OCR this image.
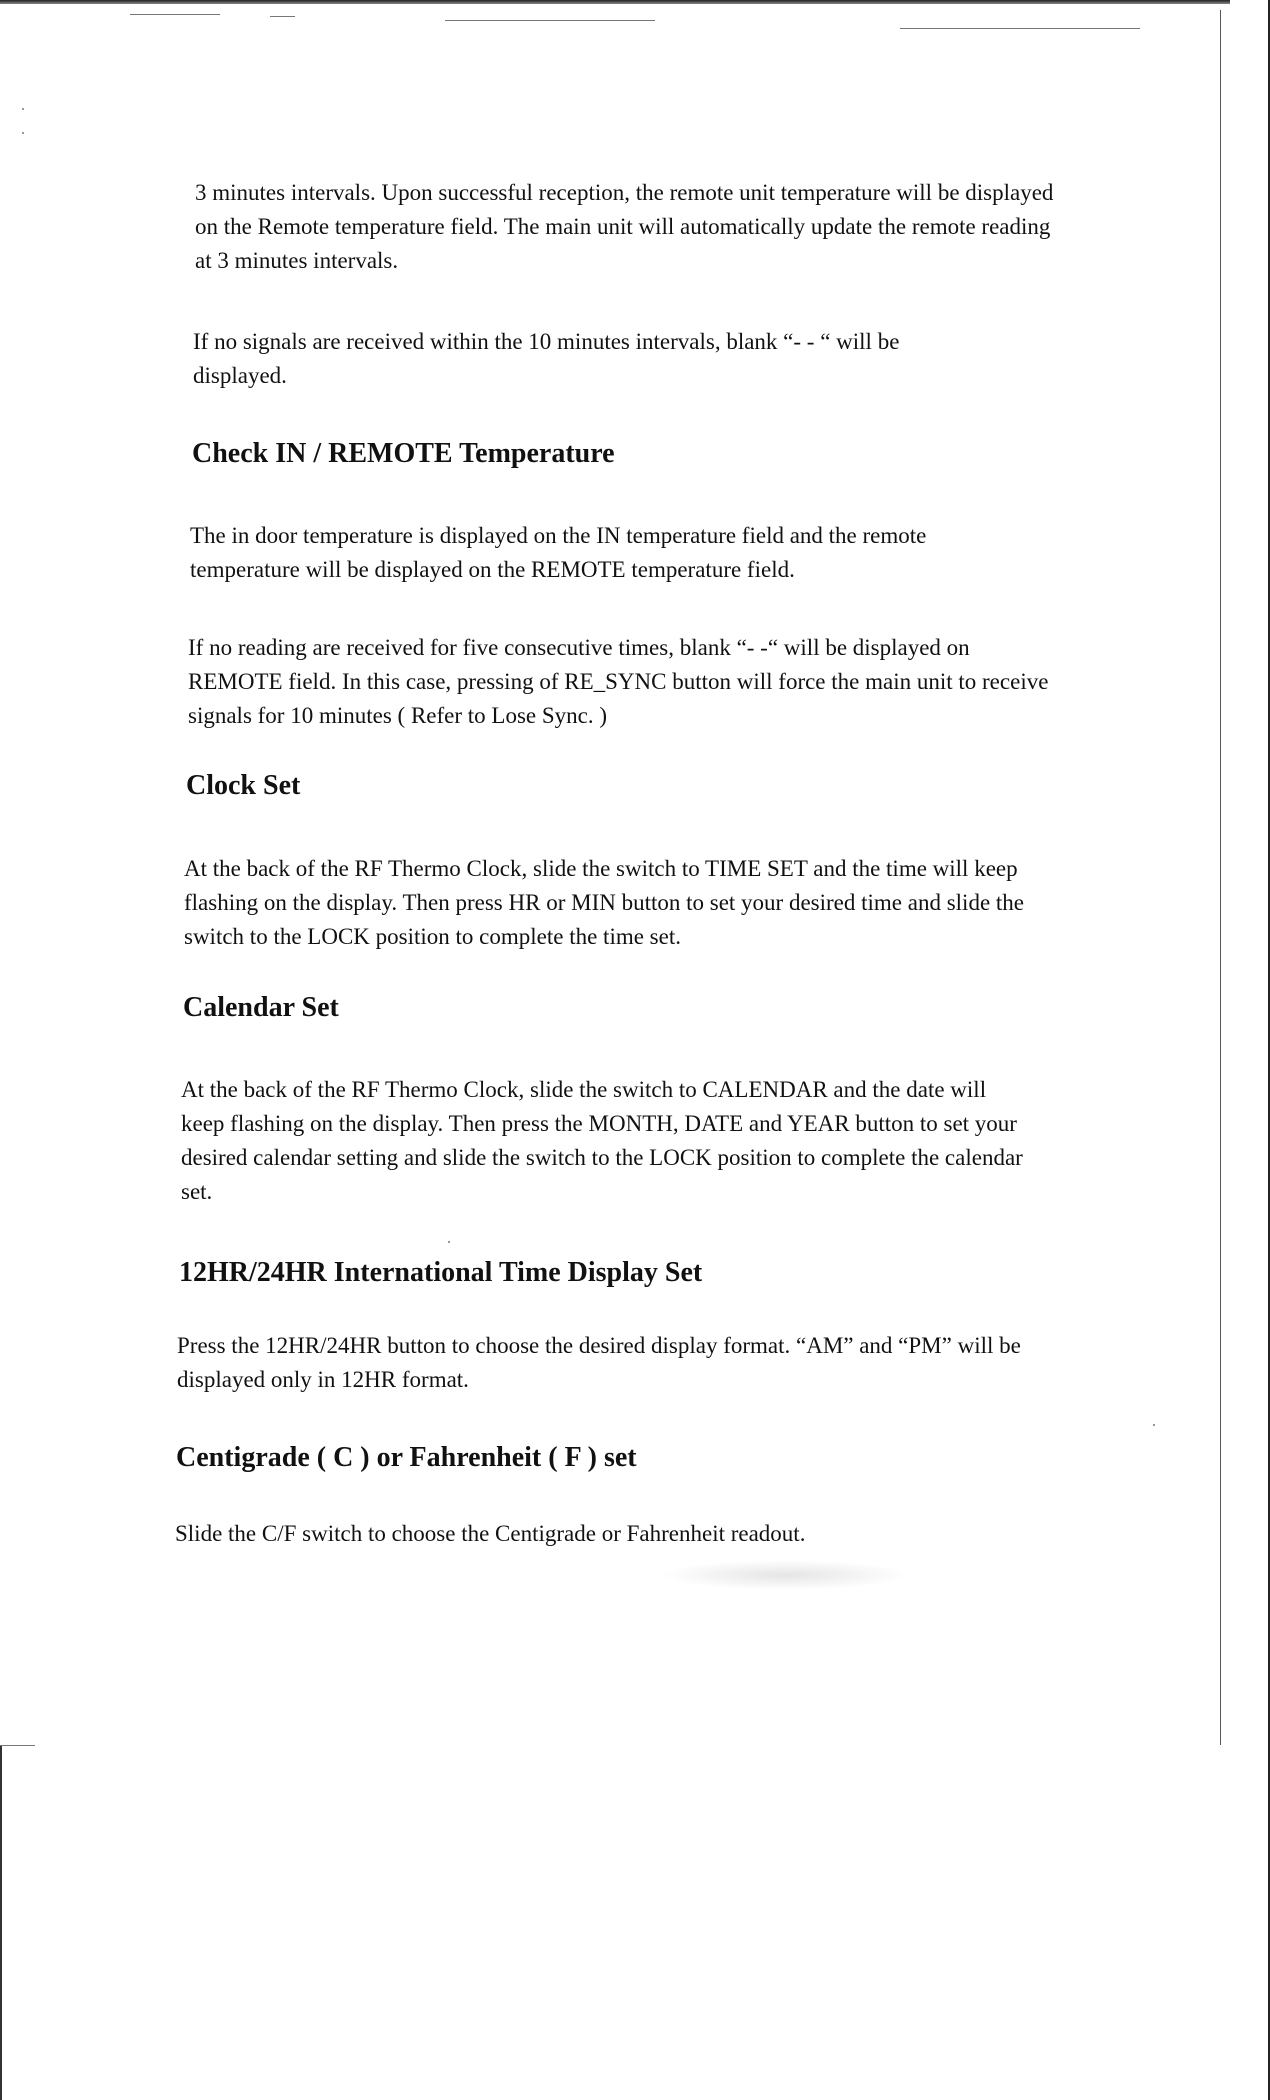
3 minutes intervals. Upon successful reception, the remote unit temperature will be displayed on the Remote temperature field. The main unit will automatically update the remote reading at 3 minutes intervals.

If no signals are received within the 10 minutes intervals, blank “- - “ will be displayed.

Check IN / REMOTE Temperature

The in door temperature is displayed on the IN temperature field and the remote temperature will be displayed on the REMOTE temperature field.

If no reading are received for five consecutive times, blank “- -“ will be displayed on REMOTE field. In this case, pressing of RE_SYNC button will force the main unit to receive signals for 10 minutes ( Refer to Lose Sync. )

Clock Set

At the back of the RF Thermo Clock, slide the switch to TIME SET and the time will keep flashing on the display. Then press HR or MIN button to set your desired time and slide the switch to the LOCK position to complete the time set.

Calendar Set

At the back of the RF Thermo Clock, slide the switch to CALENDAR and the date will keep flashing on the display. Then press the MONTH, DATE and YEAR button to set your desired calendar setting and slide the switch to the LOCK position to complete the calendar set.

12HR/24HR International Time Display Set

Press the 12HR/24HR button to choose the desired display format. “AM” and “PM” will be displayed only in 12HR format.

Centigrade ( C ) or Fahrenheit ( F ) set

Slide the C/F switch to choose the Centigrade or Fahrenheit readout.
